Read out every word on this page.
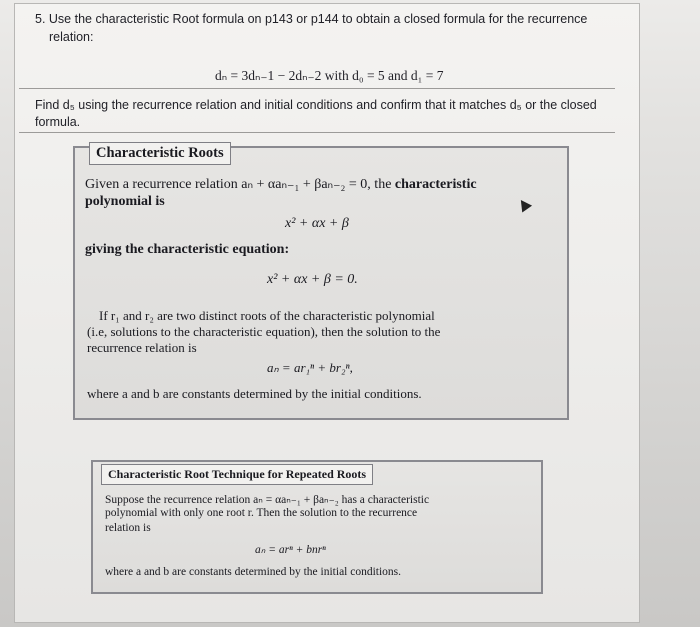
5. Use the characteristic Root formula on p143 or p144 to obtain a closed formula for the recurrence
relation:
dₙ = 3dₙ₋1 − 2dₙ₋2 with d₀ = 5 and d₁ = 7
Find d₅ using the recurrence relation and initial conditions and confirm that it matches d₅ or the closed
formula.
Characteristic Roots
Given a recurrence relation aₙ + αaₙ₋₁ + βaₙ₋₂ = 0, the characteristic
polynomial is
x² + αx + β
giving the characteristic equation:
x² + αx + β = 0.
If r₁ and r₂ are two distinct roots of the characteristic polynomial
(i.e, solutions to the characteristic equation), then the solution to the
recurrence relation is
aₙ = ar₁ⁿ + br₂ⁿ,
where a and b are constants determined by the initial conditions.
Characteristic Root Technique for Repeated Roots
Suppose the recurrence relation aₙ = αaₙ₋₁ + βaₙ₋₂ has a characteristic
polynomial with only one root r. Then the solution to the recurrence
relation is
aₙ = arⁿ + bnrⁿ
where a and b are constants determined by the initial conditions.
